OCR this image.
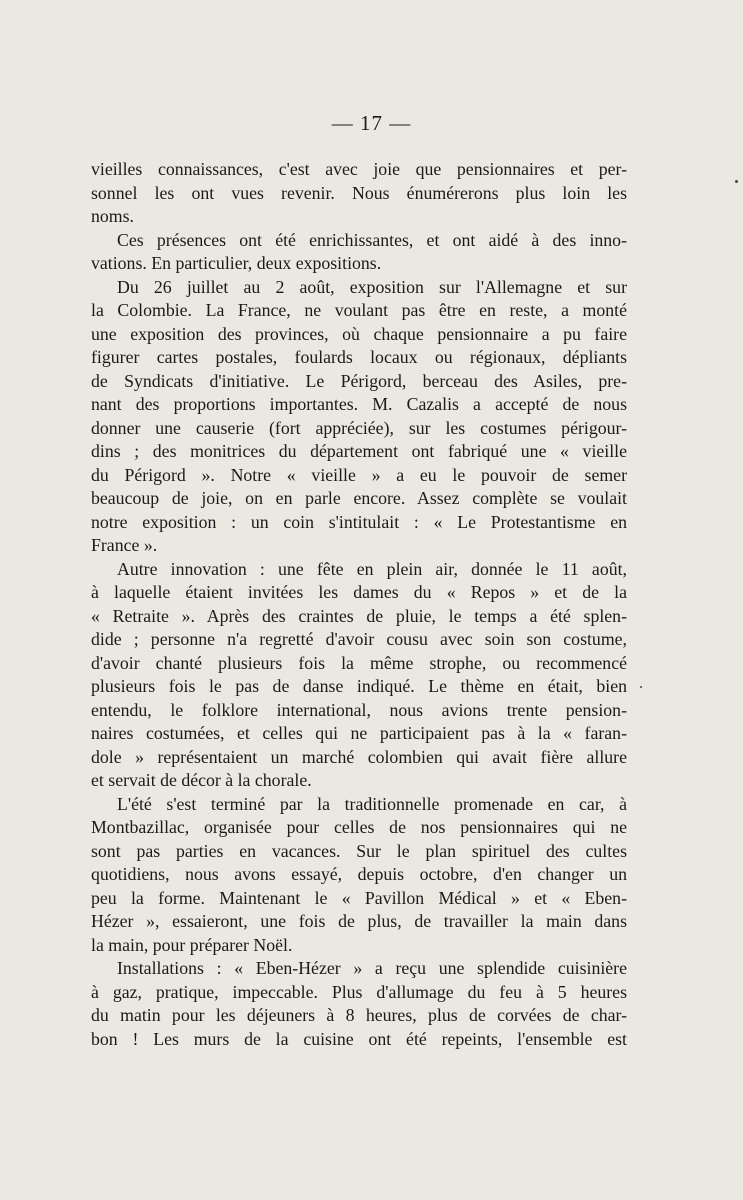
— 17 —
vieilles connaissances, c'est avec joie que pensionnaires et per-
sonnel les ont vues revenir. Nous énumérerons plus loin les
noms.
Ces présences ont été enrichissantes, et ont aidé à des inno-
vations. En particulier, deux expositions.
Du 26 juillet au 2 août, exposition sur l'Allemagne et sur
la Colombie. La France, ne voulant pas être en reste, a monté
une exposition des provinces, où chaque pensionnaire a pu faire
figurer cartes postales, foulards locaux ou régionaux, dépliants
de Syndicats d'initiative. Le Périgord, berceau des Asiles, pre-
nant des proportions importantes. M. Cazalis a accepté de nous
donner une causerie (fort appréciée), sur les costumes périgour-
dins ; des monitrices du département ont fabriqué une « vieille
du Périgord ». Notre « vieille » a eu le pouvoir de semer
beaucoup de joie, on en parle encore. Assez complète se voulait
notre exposition : un coin s'intitulait : « Le Protestantisme en
France ».
Autre innovation : une fête en plein air, donnée le 11 août,
à laquelle étaient invitées les dames du « Repos » et de la
« Retraite ». Après des craintes de pluie, le temps a été splen-
dide ; personne n'a regretté d'avoir cousu avec soin son costume,
d'avoir chanté plusieurs fois la même strophe, ou recommencé
plusieurs fois le pas de danse indiqué. Le thème en était, bien
entendu, le folklore international, nous avions trente pension-
naires costumées, et celles qui ne participaient pas à la « faran-
dole » représentaient un marché colombien qui avait fière allure
et servait de décor à la chorale.
L'été s'est terminé par la traditionnelle promenade en car, à
Montbazillac, organisée pour celles de nos pensionnaires qui ne
sont pas parties en vacances. Sur le plan spirituel des cultes
quotidiens, nous avons essayé, depuis octobre, d'en changer un
peu la forme. Maintenant le « Pavillon Médical » et « Eben-
Hézer », essaieront, une fois de plus, de travailler la main dans
la main, pour préparer Noël.
Installations : « Eben-Hézer » a reçu une splendide cuisinière
à gaz, pratique, impeccable. Plus d'allumage du feu à 5 heures
du matin pour les déjeuners à 8 heures, plus de corvées de char-
bon ! Les murs de la cuisine ont été repeints, l'ensemble est
